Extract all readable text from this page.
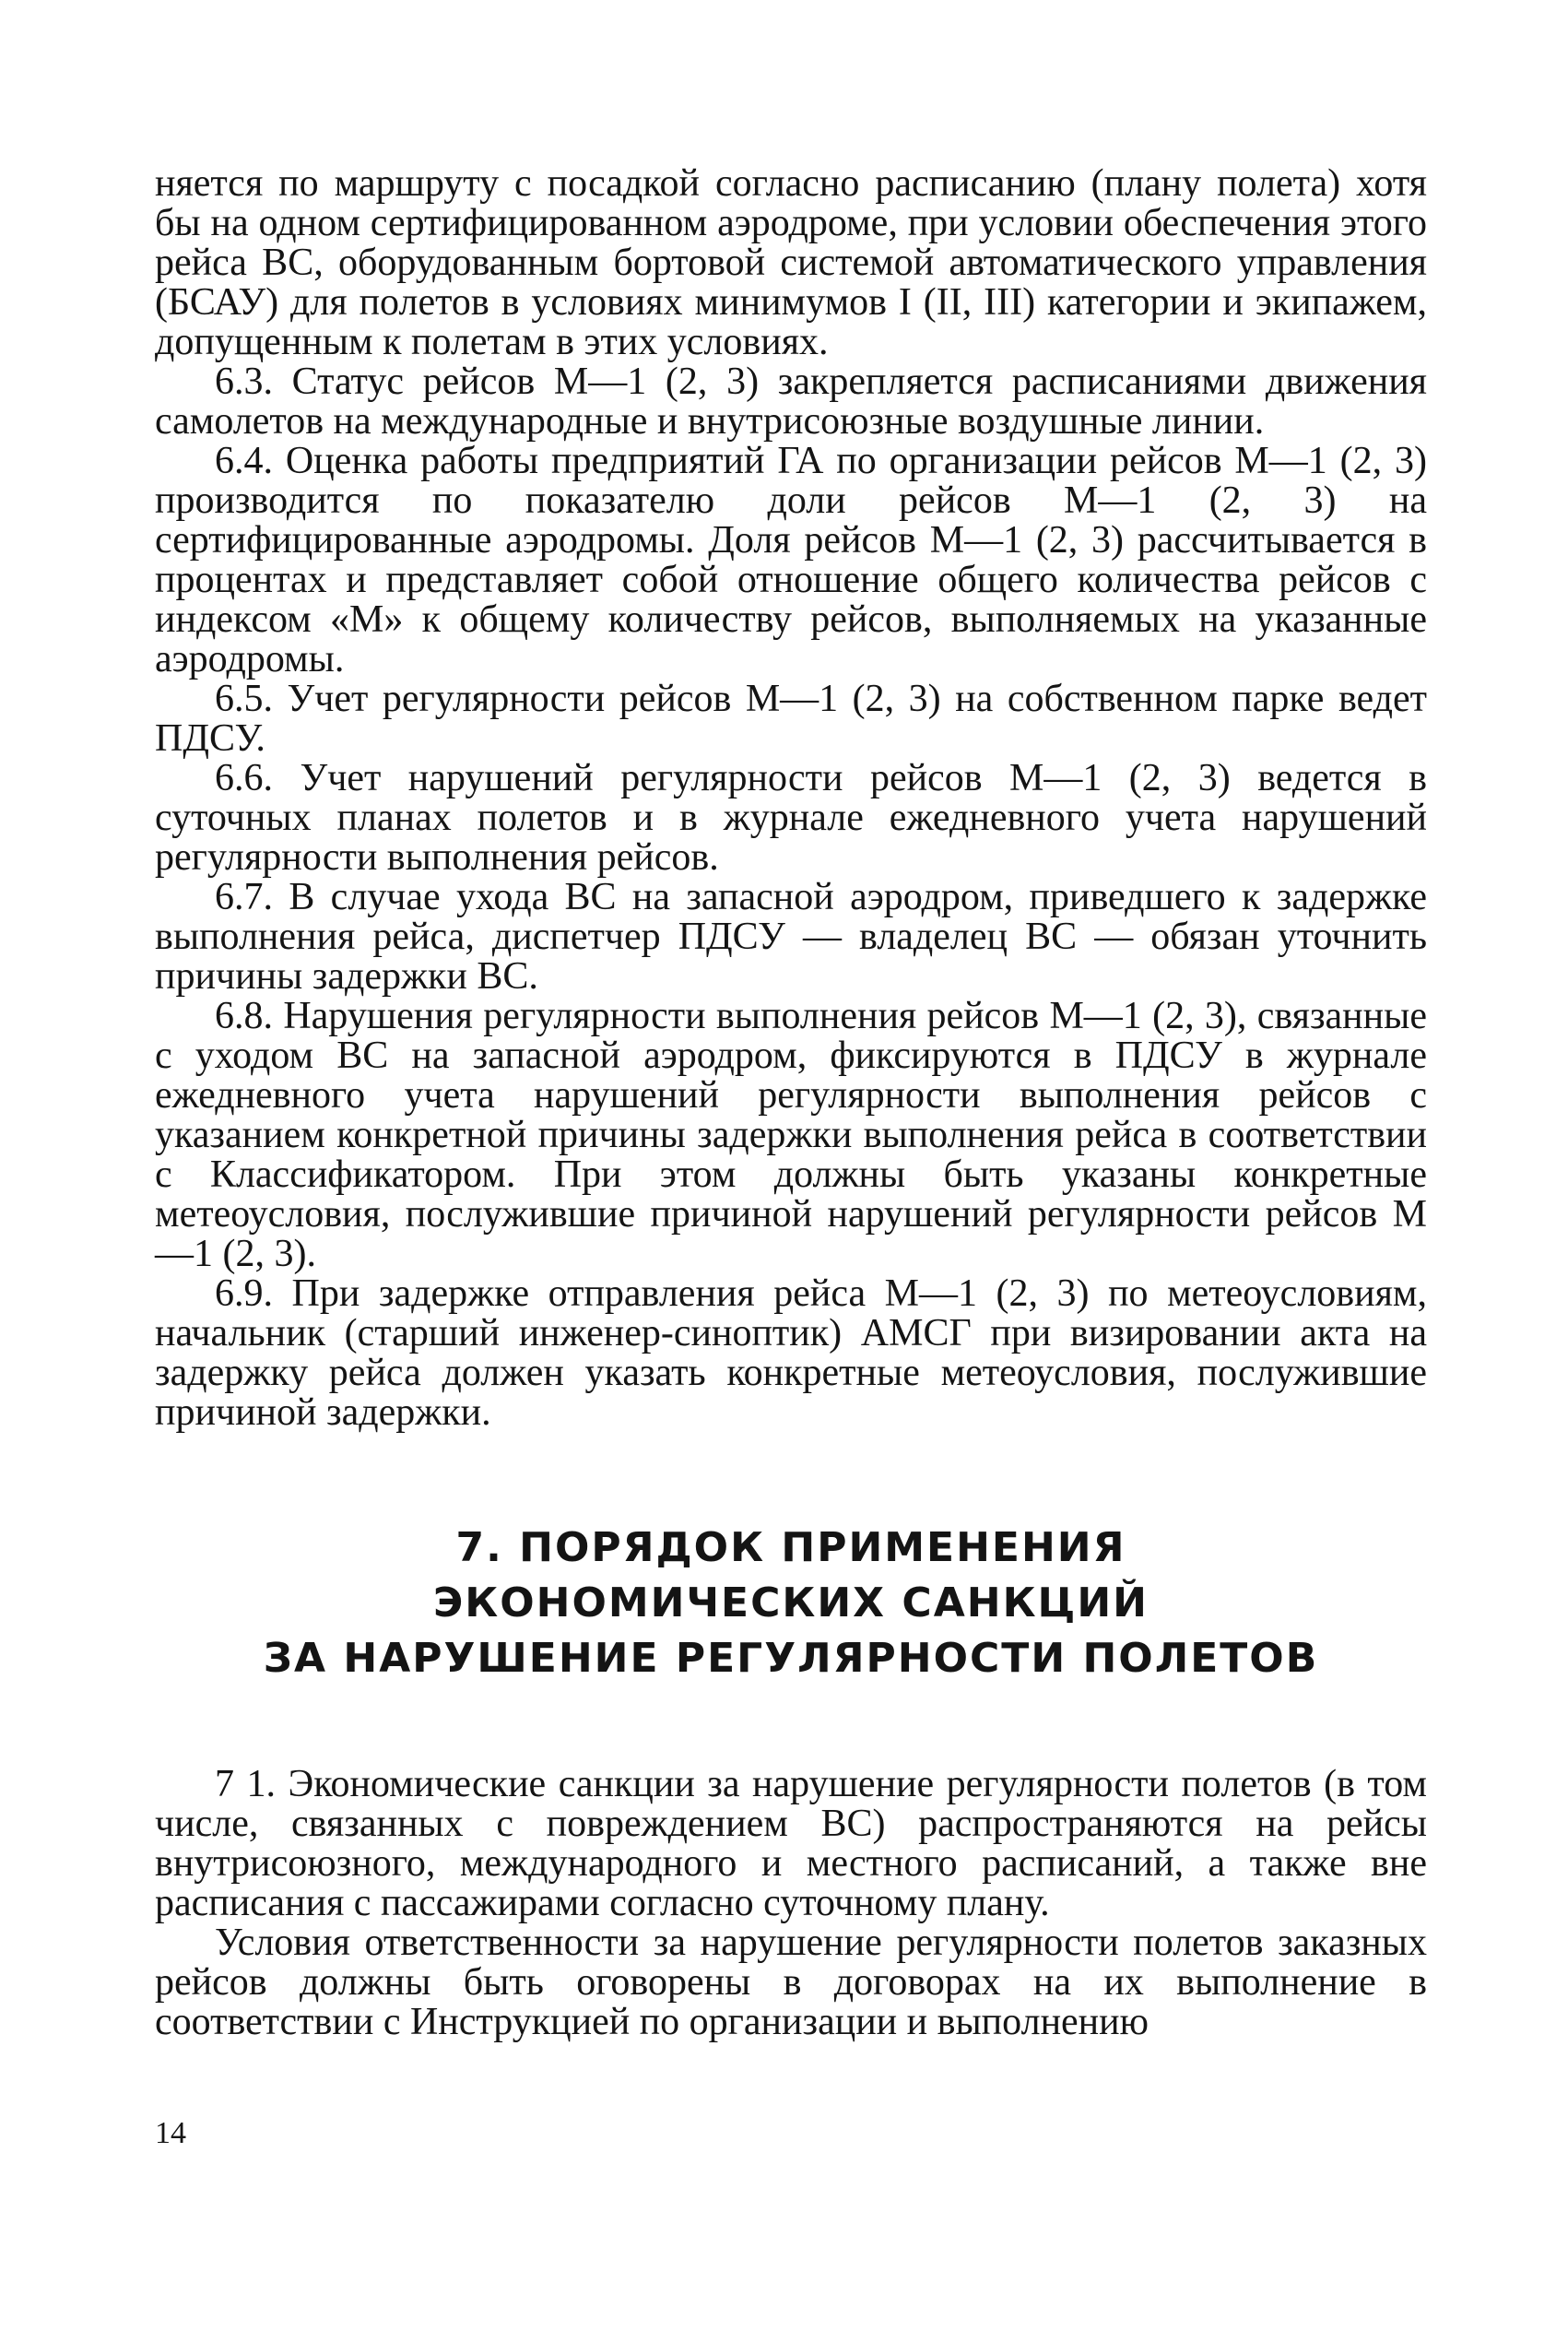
няется по маршруту с посадкой согласно расписанию (плану полета) хотя бы на одном сертифицированном аэродроме, при условии обеспечения этого рейса ВС, оборудованным бортовой системой автоматического управления (БСАУ) для полетов в условиях минимумов I (II, III) категории и экипажем, допущенным к полетам в этих условиях.

6.3. Статус рейсов М—1 (2, 3) закрепляется расписаниями движения самолетов на международные и внутрисоюзные воздушные линии.

6.4. Оценка работы предприятий ГА по организации рейсов М—1 (2, 3) производится по показателю доли рейсов М—1 (2, 3) на сертифицированные аэродромы. Доля рейсов М—1 (2, 3) рассчитывается в процентах и представляет собой отношение общего количества рейсов с индексом «М» к общему количеству рейсов, выполняемых на указанные аэродромы.

6.5. Учет регулярности рейсов М—1 (2, 3) на собственном парке ведет ПДСУ.

6.6. Учет нарушений регулярности рейсов М—1 (2, 3) ведется в суточных планах полетов и в журнале ежедневного учета нарушений регулярности выполнения рейсов.

6.7. В случае ухода ВС на запасной аэродром, приведшего к задержке выполнения рейса, диспетчер ПДСУ — владелец ВС — обязан уточнить причины задержки ВС.

6.8. Нарушения регулярности выполнения рейсов М—1 (2, 3), связанные с уходом ВС на запасной аэродром, фиксируются в ПДСУ в журнале ежедневного учета нарушений регулярности выполнения рейсов с указанием конкретной причины задержки выполнения рейса в соответствии с Классификатором. При этом должны быть указаны конкретные метеоусловия, послужившие причиной нарушений регулярности рейсов М—1 (2, 3).

6.9. При задержке отправления рейса М—1 (2, 3) по метеоусловиям, начальник (старший инженер-синоптик) АМСГ при визировании акта на задержку рейса должен указать конкретные метеоусловия, послужившие причиной задержки.

7. ПОРЯДОК ПРИМЕНЕНИЯ
ЭКОНОМИЧЕСКИХ САНКЦИЙ
ЗА НАРУШЕНИЕ РЕГУЛЯРНОСТИ ПОЛЕТОВ

7 1. Экономические санкции за нарушение регулярности полетов (в том числе, связанных с повреждением ВС) распространяются на рейсы внутрисоюзного, международного и местного расписаний, а также вне расписания с пассажирами согласно суточному плану.

Условия ответственности за нарушение регулярности полетов заказных рейсов должны быть оговорены в договорах на их выполнение в соответствии с Инструкцией по организации и выполнению

14
